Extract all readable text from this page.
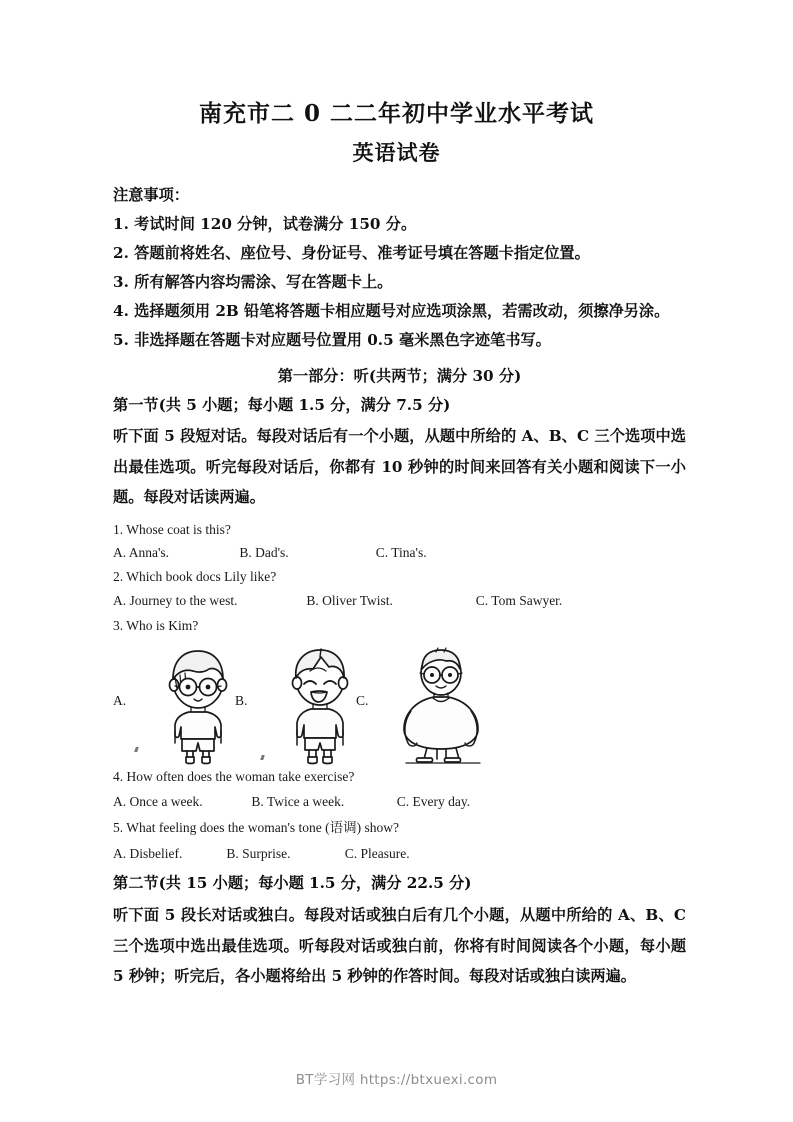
南充市二 0 二二年初中学业水平考试
英语试卷
注意事项：
1. 考试时间 120 分钟，试卷满分 150 分。
2. 答题前将姓名、座位号、身份证号、准考证号填在答题卡指定位置。
3. 所有解答内容均需涂、写在答题卡上。
4. 选择题须用 2B 铅笔将答题卡相应题号对应选项涂黑，若需改动，须擦净另涂。
5. 非选择题在答题卡对应题号位置用 0.5 毫米黑色字迹笔书写。
第一部分：听(共两节；满分 30 分)
第一节(共 5 小题；每小题 1.5 分，满分 7.5 分)
听下面 5 段短对话。每段对话后有一个小题，从题中所给的 A、B、C 三个选项中选出最佳选项。听完每段对话后，你都有 10 秒钟的时间来回答有关小题和阅读下一小题。每段对话读两遍。
1. Whose coat is this?
A. Anna's.	B. Dad's.	C. Tina's.
2. Which book docs Lily like?
A. Journey to the west.	B. Oliver Twist.	C. Tom Sawyer.
3. Who is Kim?
A.	B.	C.
4. How often does the woman take exercise?
A. Once a week.	B. Twice a week.	C. Every day.
5. What feeling does the woman's tone (语调) show?
A. Disbelief.	B. Surprise.	C. Pleasure.
第二节(共 15 小题；每小题 1.5 分，满分 22.5 分)
听下面 5 段长对话或独白。每段对话或独白后有几个小题，从题中所给的 A、B、C 三个选项中选出最佳选项。听每段对话或独白前，你将有时间阅读各个小题，每小题 5 秒钟；听完后，各小题将给出 5 秒钟的作答时间。每段对话或独白读两遍。
BT学习网 https://btxuexi.com
